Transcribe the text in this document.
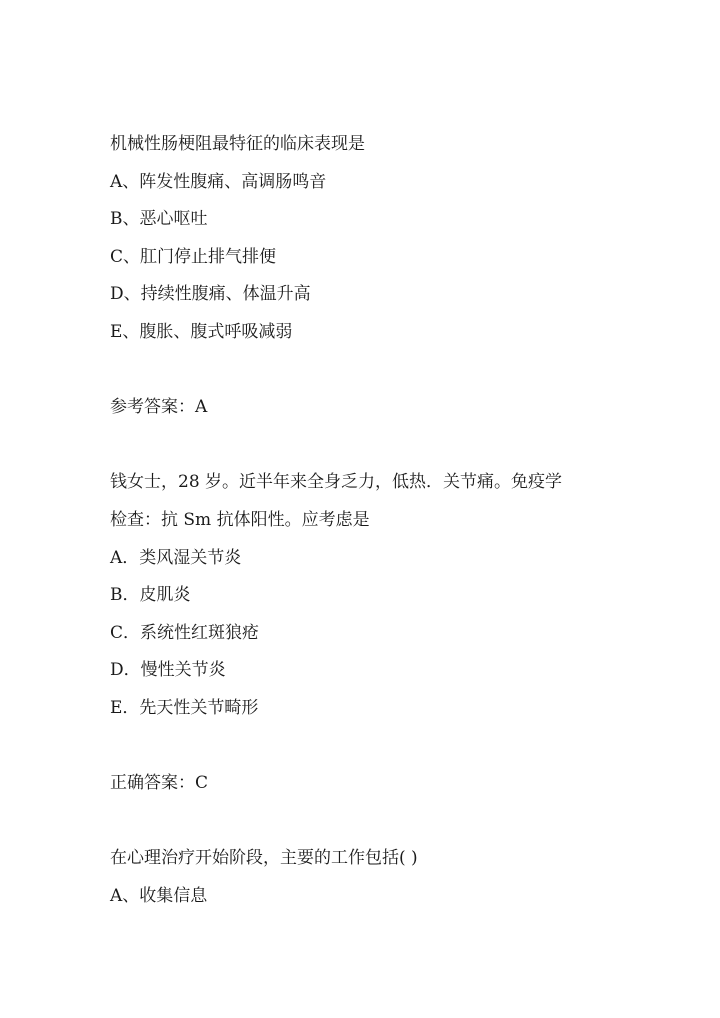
机械性肠梗阻最特征的临床表现是
A、阵发性腹痛、高调肠鸣音
B、恶心呕吐
C、肛门停止排气排便
D、持续性腹痛、体温升高
E、腹胀、腹式呼吸减弱
参考答案：A
钱女士，28 岁。近半年来全身乏力，低热．关节痛。免疫学
检查：抗 Sm 抗体阳性。应考虑是
A．类风湿关节炎
B．皮肌炎
C．系统性红斑狼疮
D．慢性关节炎
E．先天性关节畸形
正确答案：C
在心理治疗开始阶段，主要的工作包括( )
A、收集信息
